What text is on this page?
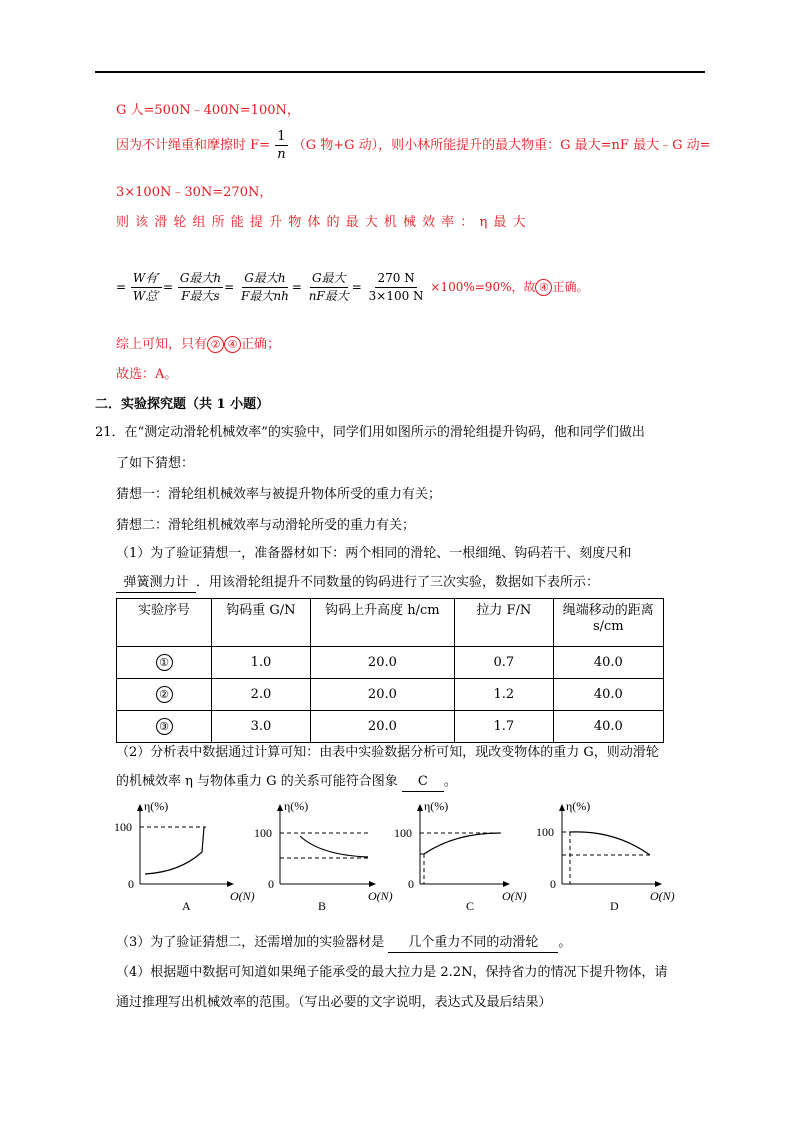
G 人=500N﹣400N=100N，
因为不计绳重和摩擦时 $F= \frac{1}{n} (G$ 物+G 动），则小林所能提升的最大物重：G 最大=nF 最大﹣G 动=
3×100N﹣30N=270N，
则 该 滑 轮 组 所 能 提 升 物 体 的 最 大 机 械 效 率 ： η 最 大
= $\frac{\text{W有′}}{\text{W总′}} = \frac{\text{G最大h}}{\text{F最大s}} = \frac{\text{G最大h}}{\text{F最大nh}} = \frac{\text{G最大}}{\text{nF最大}} = \frac{270 N}{3\times 100 N} \times 100\%=90\%$，故 ④ 正确。
综上可知，只有 ② ④ 正确；
故选：A。
二．实验探究题（共 1 小题）
21．在“测定动滑轮机械效率”的实验中，同学们用如图所示的滑轮组提升钩码，他和同学们做出
了如下猜想：
猜想一：滑轮组机械效率与被提升物体所受的重力有关；
猜想二：滑轮组机械效率与动滑轮所受的重力有关；
（1）为了验证猜想一，准备器材如下：两个相同的滑轮、一根细绳、钩码若干、刻度尺和
弹簧测力计 ．用该滑轮组提升不同数量的钩码进行了三次实验，数据如下表所示：
实验序号	钩码重 G/N	钩码上升高度 h/cm	拉力 F/N	绳端移动的距离 s/cm
①	1.0	20.0	0.7	40.0
②	2.0	20.0	1.2	40.0
③	3.0	20.0	1.7	40.0
（2）分析表中数据通过计算可知：由表中实验数据分析可知，现改变物体的重力 G，则动滑轮
的机械效率 η 与物体重力 G 的关系可能符合图象 C 。
η(%)
100
0
O(N)
A
η(%)
100
0
O(N)
B
η(%)
100
0
O(N)
C
η(%)
100
0
O(N)
D
（3）为了验证猜想二，还需增加的实验器材是 几个重力不同的动滑轮 。
（4）根据题中数据可知道如果绳子能承受的最大拉力是 2.2N，保持省力的情况下提升物体，请
通过推理写出机械效率的范围。（写出必要的文字说明，表达式及最后结果）
